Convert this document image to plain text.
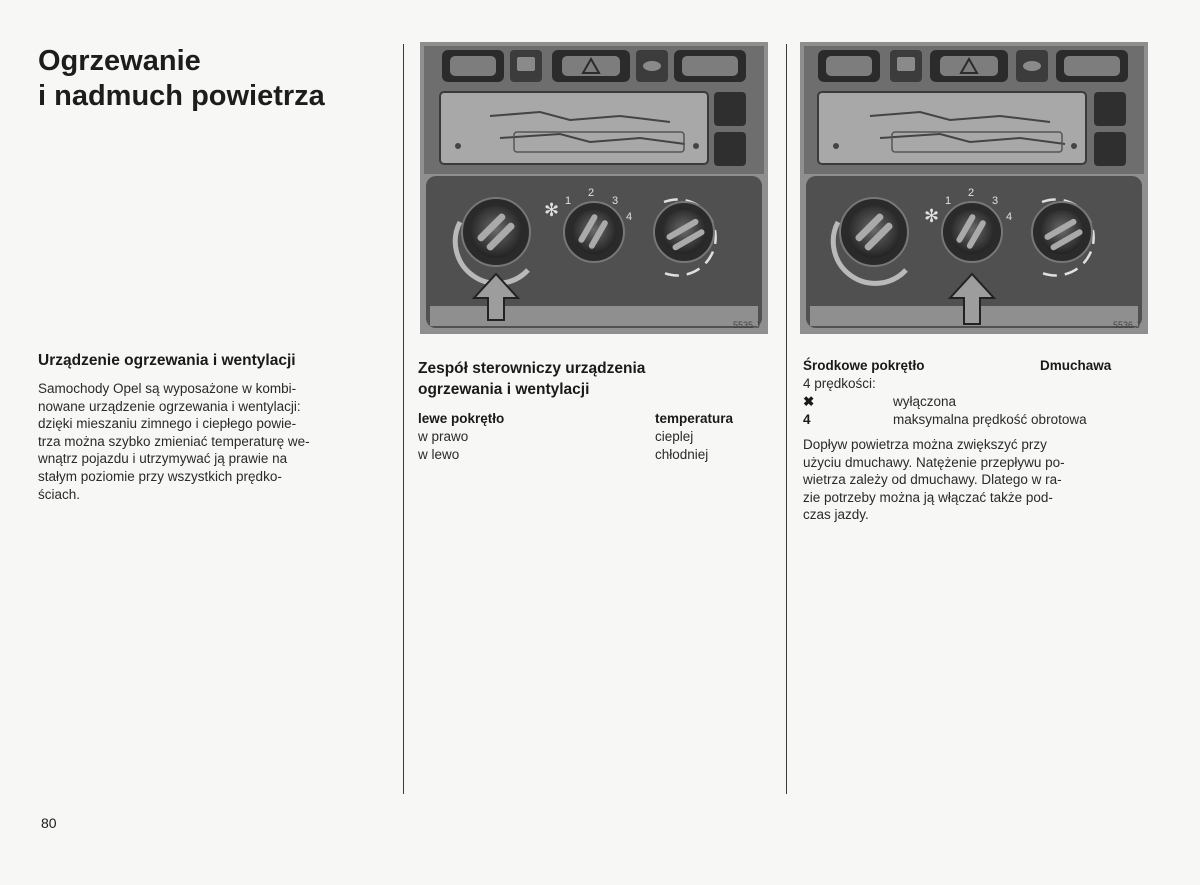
Ogrzewanie
i nadmuch powietrza
Urządzenie ogrzewania i wentylacji
Samochody Opel są wyposażone w kombi-
nowane urządzenie ogrzewania i wentylacji:
dzięki mieszaniu zimnego i ciepłego powie-
trza można szybko zmieniać temperaturę we-
wnątrz pojazdu i utrzymywać ją prawie na
stałym poziomie przy wszystkich prędko-
ściach.
✻ 1
2
3
4
5535 J
Zespół sterowniczy urządzenia
ogrzewania i wentylacji
lewe pokrętło	temperatura
w prawo	cieplej
w lewo	chłodniej
✻
1
2
3
4
5536 J
Środkowe pokrętło	Dmuchawa
4 prędkości:
✖	wyłączona
4	maksymalna prędkość obrotowa
Dopływ powietrza można zwiększyć przy
użyciu dmuchawy. Natężenie przepływu po-
wietrza zależy od dmuchawy. Dlatego w ra-
zie potrzeby można ją włączać także pod-
czas jazdy.
80
